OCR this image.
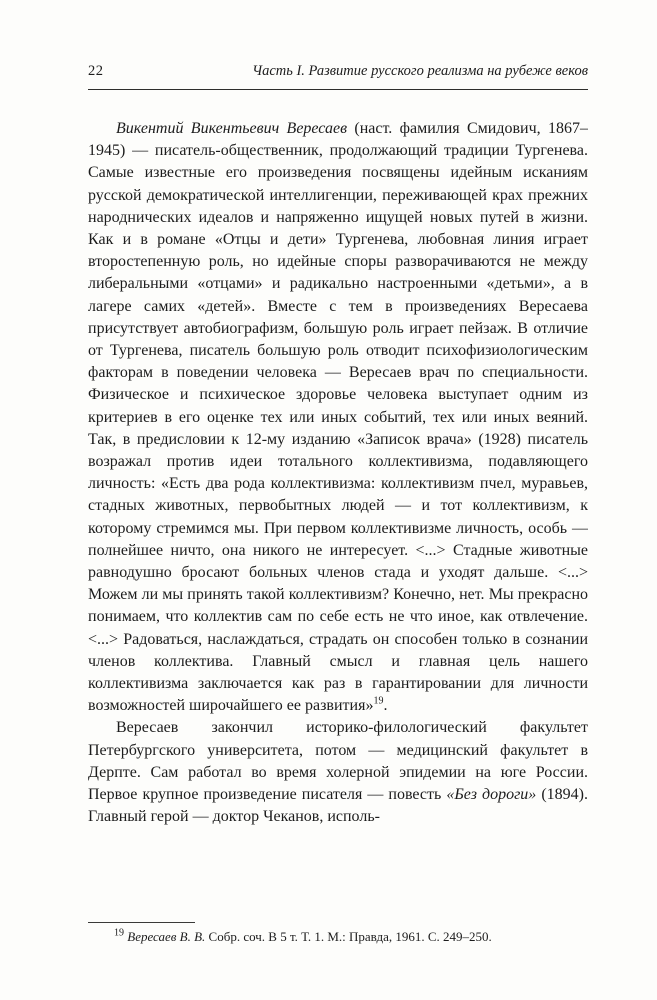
22	Часть I. Развитие русского реализма на рубеже веков

Викентий Викентьевич Вересаев (наст. фамилия Смидович, 1867–1945) — писатель-общественник, продолжающий традиции Тургенева. Самые известные его произведения посвящены идейным исканиям русской демократической интеллигенции, переживающей крах прежних народнических идеалов и напряженно ищущей новых путей в жизни. Как и в романе «Отцы и дети» Тургенева, любовная линия играет второстепенную роль, но идейные споры разворачиваются не между либеральными «отцами» и радикально настроенными «детьми», а в лагере самих «детей». Вместе с тем в произведениях Вересаева присутствует автобиографизм, большую роль играет пейзаж. В отличие от Тургенева, писатель большую роль отводит психофизиологическим факторам в поведении человека — Вересаев врач по специальности. Физическое и психическое здоровье человека выступает одним из критериев в его оценке тех или иных событий, тех или иных веяний. Так, в предисловии к 12-му изданию «Записок врача» (1928) писатель возражал против идеи тотального коллективизма, подавляющего личность: «Есть два рода коллективизма: коллективизм пчел, муравьев, стадных животных, первобытных людей — и тот коллективизм, к которому стремимся мы. При первом коллективизме личность, особь — полнейшее ничто, она никого не интересует. <...> Стадные животные равнодушно бросают больных членов стада и уходят дальше. <...> Можем ли мы принять такой коллективизм? Конечно, нет. Мы прекрасно понимаем, что коллектив сам по себе есть не что иное, как отвлечение. <...> Радоваться, наслаждаться, страдать он способен только в сознании членов коллектива. Главный смысл и главная цель нашего коллективизма заключается как раз в гарантировании для личности возможностей широчайшего ее развития»$^{19}$.

Вересаев закончил историко-филологический факультет Петербургского университета, потом — медицинский факультет в Дерпте. Сам работал во время холерной эпидемии на юге России. Первое крупное произведение писателя — повесть «Без дороги» (1894). Главный герой — доктор Чеканов, исполь-

$^{19}$ Вересаев В. В. Собр. соч. В 5 т. Т. 1. М.: Правда, 1961. С. 249–250.
